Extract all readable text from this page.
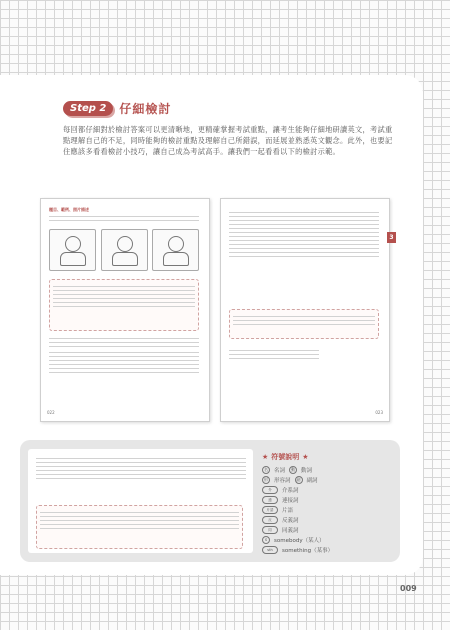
Step 2	仔細檢討

每回都仔細對於檢討答案可以更清晰地，更精確掌握考試重點，讓考生能夠仔細地研讀英文，考試重點理解自己的不足，同時能夠的檢討重點及理解自己所錯誤，而延展並熟悉英文觀念。此外，也要記住應該多看看檢討小技巧，讓自己成為考試高手。讓我們一起看看以下的檢討示範。

題目、範例、照片描述

022	023
3
★ 符號說明 ★
名	名詞	動	動詞
形	形容詞	副	副詞
介	介系詞
連	連接詞
片語	片語
反	反義詞
同	同義詞
s	somebody（某人）
sth	something（某事）
009
